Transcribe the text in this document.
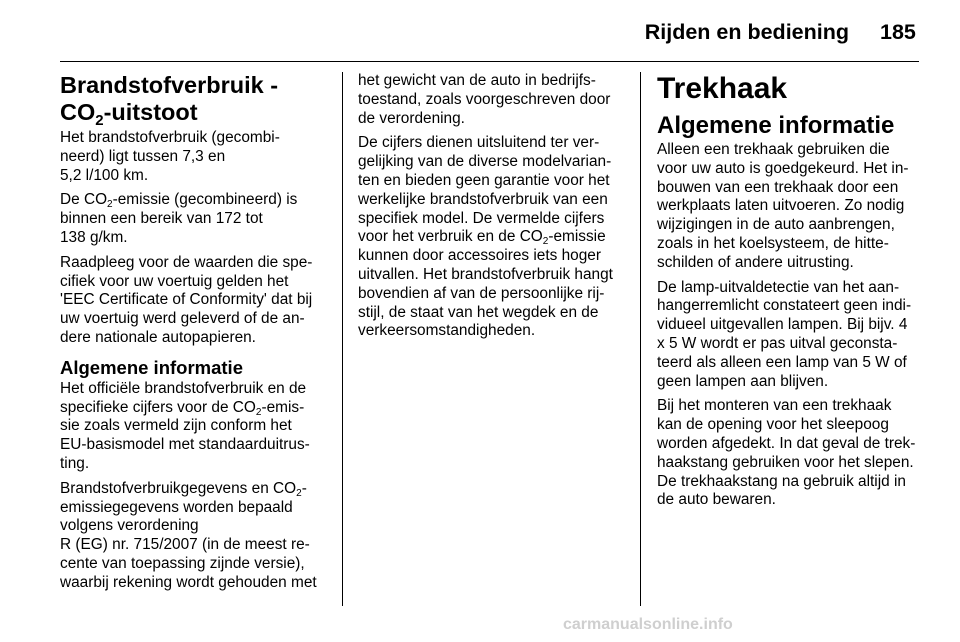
Rijden en bediening 185
Brandstofverbruik -
$CO_2$-uitstoot
Het brandstofverbruik (gecombi-
neerd) ligt tussen 7,3 en
5,2 l/100 km.
De $CO_2$-emissie (gecombineerd) is
binnen een bereik van 172 tot
138 g/km.
Raadpleeg voor de waarden die spe-
cifiek voor uw voertuig gelden het
'EEC Certificate of Conformity' dat bij
uw voertuig werd geleverd of de an-
dere nationale autopapieren.
Algemene informatie
Het officiële brandstofverbruik en de
specifieke cijfers voor de $CO_2-emis-$
sie zoals vermeld zijn conform het
EU-basismodel met standaarduitrus-
ting.
Brandstofverbruikgegevens en $CO_2-$
emissiegegevens worden bepaald
volgens verordening
R (EG) nr. 715/2007 (in de meest re-
cente van toepassing zijnde versie),
waarbij rekening wordt gehouden met
het gewicht van de auto in bedrijfs-
toestand, zoals voorgeschreven door
de verordening.
De cijfers dienen uitsluitend ter ver-
gelijking van de diverse modelvarian-
ten en bieden geen garantie voor het
werkelijke brandstofverbruik van een
specifiek model. De vermelde cijfers
voor het verbruik en de $CO_2$-emissie
kunnen door accessoires iets hoger
uitvallen. Het brandstofverbruik hangt
bovendien af van de persoonlijke rij-
stijl, de staat van het wegdek en de
verkeersomstandigheden.
Trekhaak
Algemene informatie
Alleen een trekhaak gebruiken die
voor uw auto is goedgekeurd. Het in-
bouwen van een trekhaak door een
werkplaats laten uitvoeren. Zo nodig
wijzigingen in de auto aanbrengen,
zoals in het koelsysteem, de hitte-
schilden of andere uitrusting.
De lamp-uitvaldetectie van het aan-
hangerremlicht constateert geen indi-
vidueel uitgevallen lampen. Bij bijv. 4
x 5 W wordt er pas uitval geconsta-
teerd als alleen een lamp van 5 W of
geen lampen aan blijven.
Bij het monteren van een trekhaak
kan de opening voor het sleepoog
worden afgedekt. In dat geval de trek-
haakstang gebruiken voor het slepen.
De trekhaakstang na gebruik altijd in
de auto bewaren.
carmanualsonline.info
